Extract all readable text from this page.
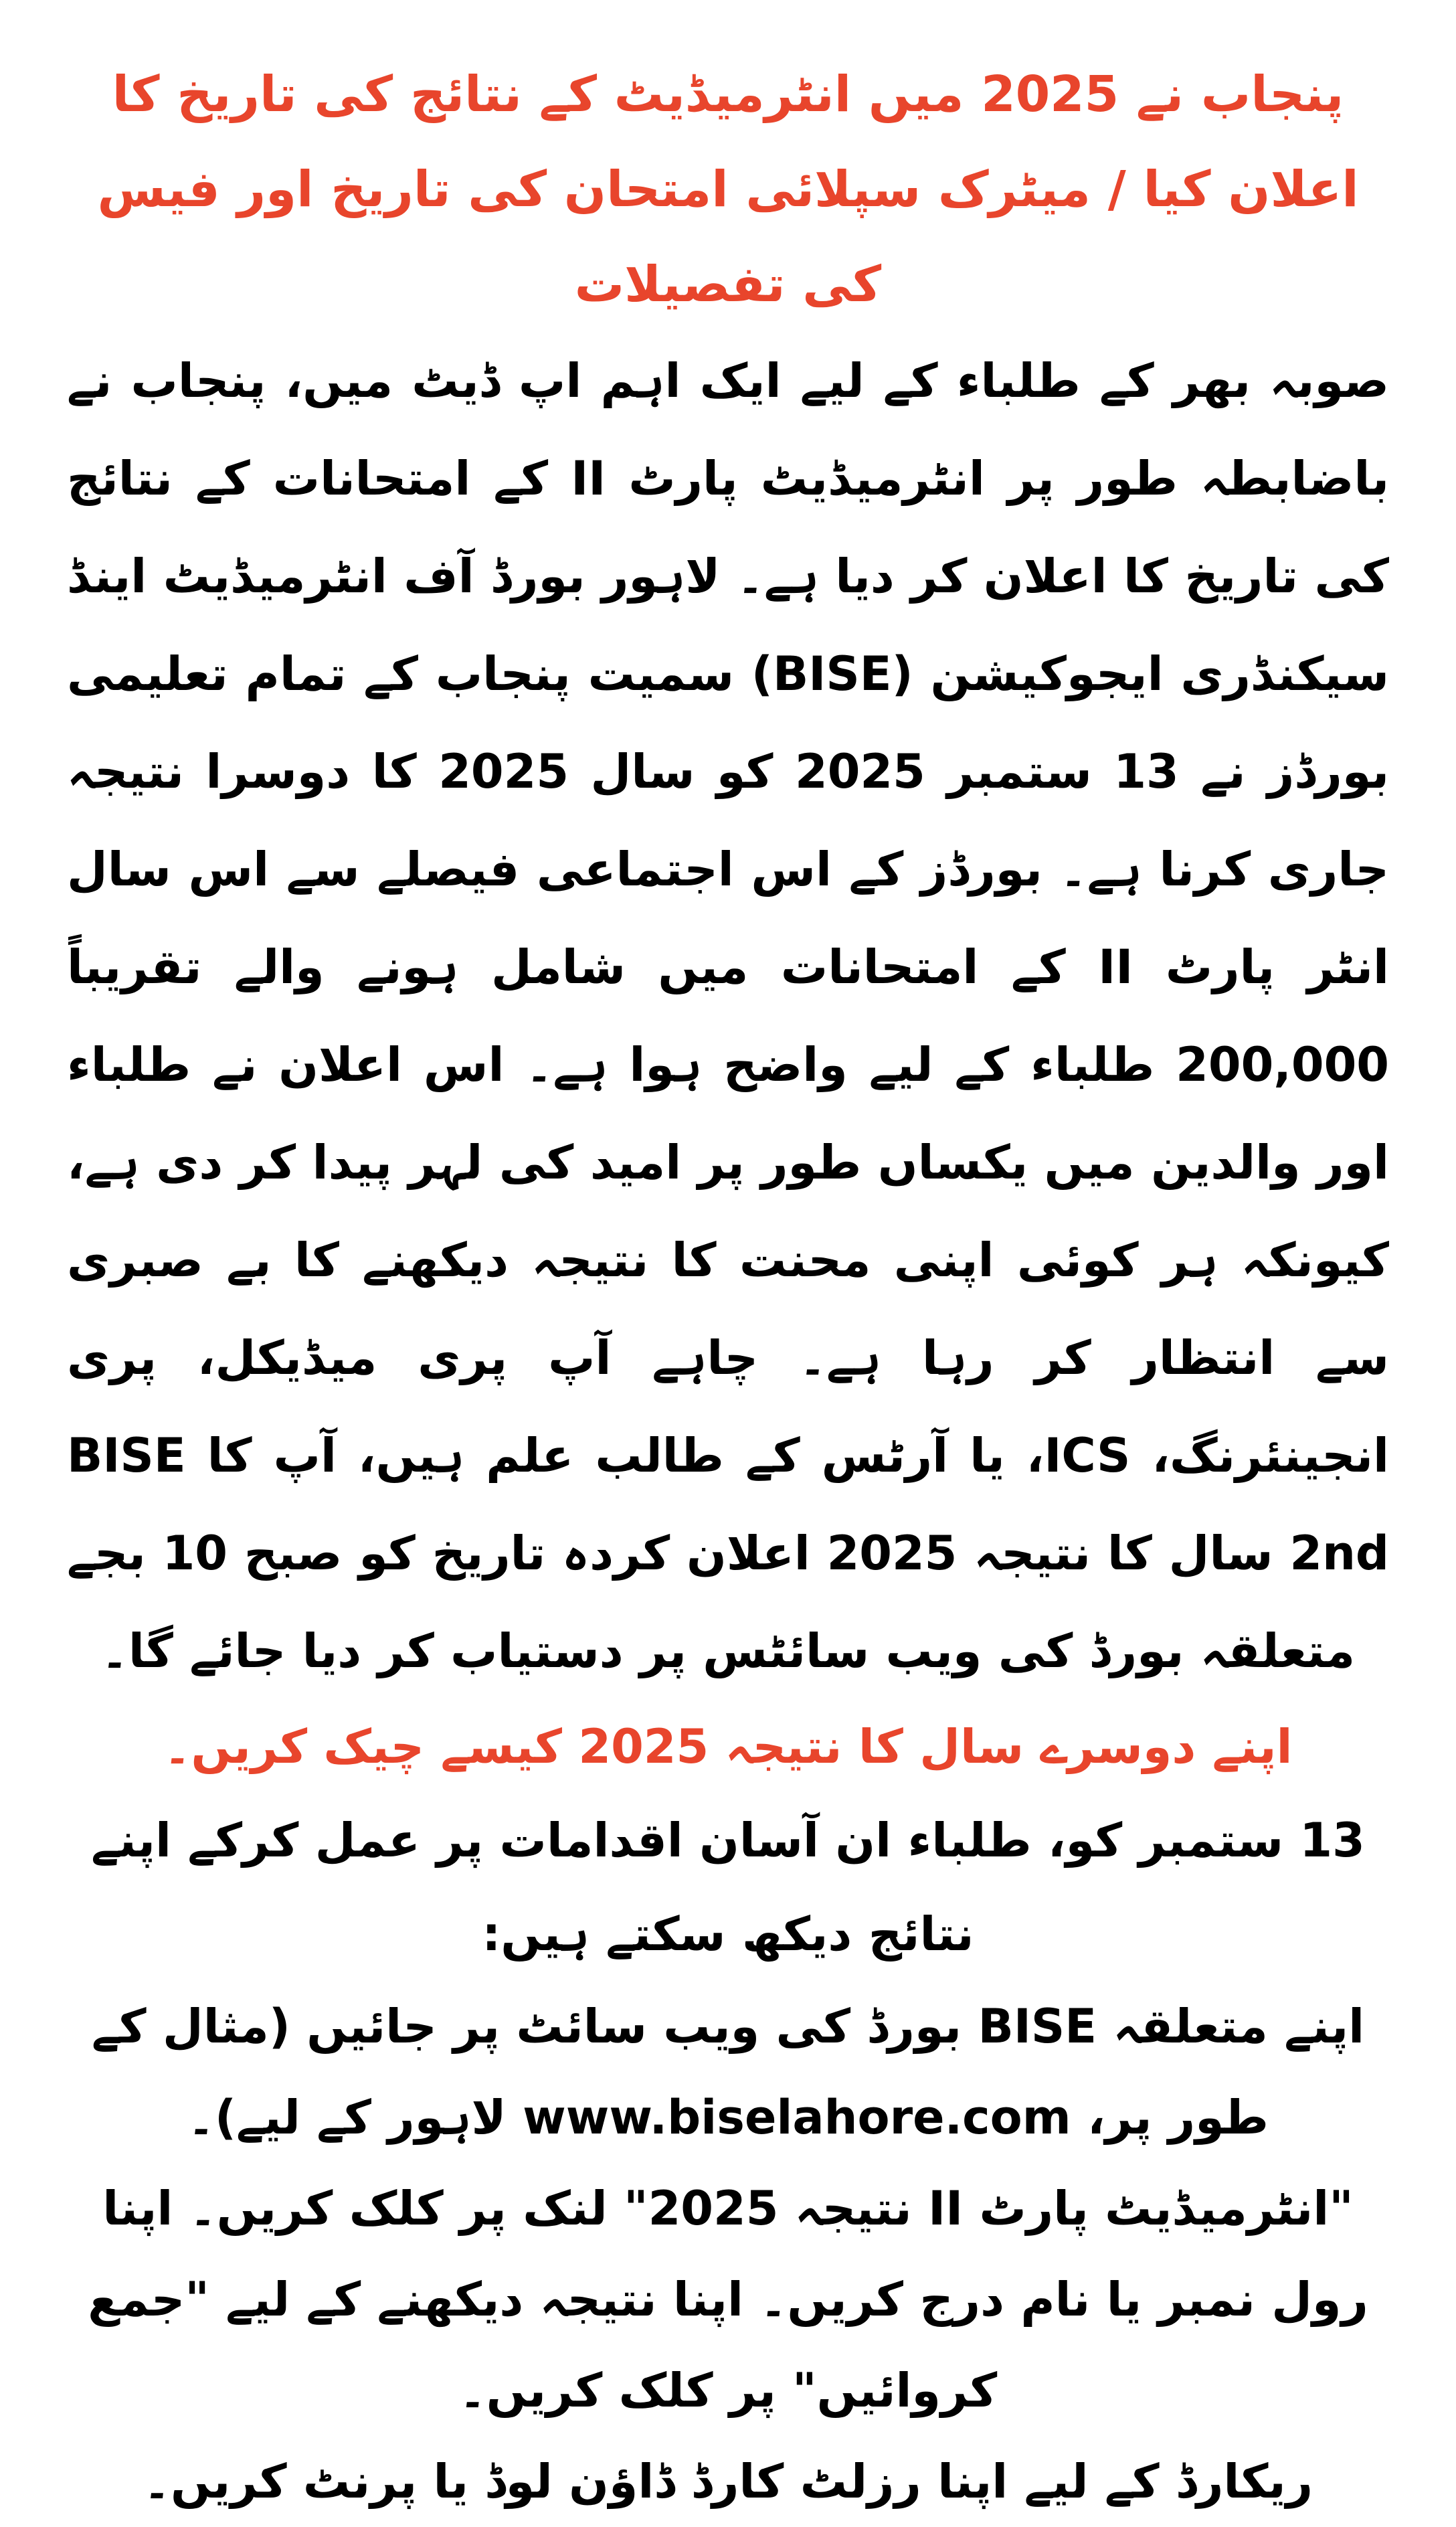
پنجاب نے 2025 میں انٹرمیڈیٹ کے نتائج کی تاریخ کا اعلان کیا / میٹرک سپلائی امتحان کی تاریخ اور فیس کی تفصیلات

صوبہ بھر کے طلباء کے لیے ایک اہم اپ ڈیٹ میں، پنجاب نے باضابطہ طور پر انٹرمیڈیٹ پارٹ II کے امتحانات کے نتائج کی تاریخ کا اعلان کر دیا ہے۔ لاہور بورڈ آف انٹرمیڈیٹ اینڈ سیکنڈری ایجوکیشن (BISE) سمیت پنجاب کے تمام تعلیمی بورڈز نے 13 ستمبر 2025 کو سال 2025 کا دوسرا نتیجہ جاری کرنا ہے۔ بورڈز کے اس اجتماعی فیصلے سے اس سال انٹر پارٹ II کے امتحانات میں شامل ہونے والے تقریباً 200,000 طلباء کے لیے واضح ہوا ہے۔ اس اعلان نے طلباء اور والدین میں یکساں طور پر امید کی لہر پیدا کر دی ہے، کیونکہ ہر کوئی اپنی محنت کا نتیجہ دیکھنے کا بے صبری سے انتظار کر رہا ہے۔ چاہے آپ پری میڈیکل، پری انجینئرنگ، ICS، یا آرٹس کے طالب علم ہیں، آپ کا BISE 2nd سال کا نتیجہ 2025 اعلان کردہ تاریخ کو صبح 10 بجے متعلقہ بورڈ کی ویب سائٹس پر دستیاب کر دیا جائے گا۔

اپنے دوسرے سال کا نتیجہ 2025 کیسے چیک کریں۔

13 ستمبر کو، طلباء ان آسان اقدامات پر عمل کرکے اپنے نتائج دیکھ سکتے ہیں:

اپنے متعلقہ BISE بورڈ کی ویب سائٹ پر جائیں (مثال کے طور پر، www.biselahore.com لاہور کے لیے)۔

"انٹرمیڈیٹ پارٹ II نتیجہ 2025" لنک پر کلک کریں۔ اپنا رول نمبر یا نام درج کریں۔ اپنا نتیجہ دیکھنے کے لیے "جمع کروائیں" پر کلک کریں۔

ریکارڈ کے لیے اپنا رزلٹ کارڈ ڈاؤن لوڈ یا پرنٹ کریں۔
